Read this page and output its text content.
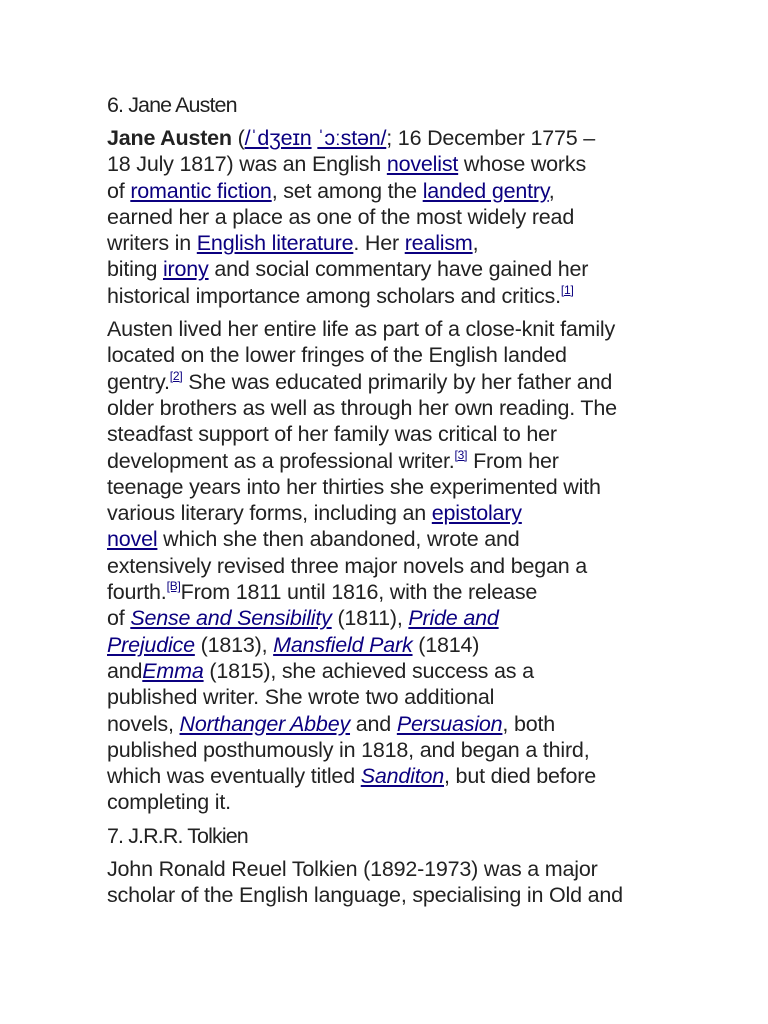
6. Jane Austen
Jane Austen (/ˈdʒeɪn ˈɔːstən/; 16 December 1775 –
18 July 1817) was an English novelist whose works
of romantic fiction, set among the landed gentry,
earned her a place as one of the most widely read
writers in English literature. Her realism,
biting irony and social commentary have gained her
historical importance among scholars and critics.[1]
Austen lived her entire life as part of a close-knit family
located on the lower fringes of the English landed
gentry.[2] She was educated primarily by her father and
older brothers as well as through her own reading. The
steadfast support of her family was critical to her
development as a professional writer.[3] From her
teenage years into her thirties she experimented with
various literary forms, including an epistolary
novel which she then abandoned, wrote and
extensively revised three major novels and began a
fourth.[B]From 1811 until 1816, with the release
of Sense and Sensibility (1811), Pride and
Prejudice (1813), Mansfield Park (1814)
andEmma (1815), she achieved success as a
published writer. She wrote two additional
novels, Northanger Abbey and Persuasion, both
published posthumously in 1818, and began a third,
which was eventually titled Sanditon, but died before
completing it.
7. J.R.R. Tolkien
John Ronald Reuel Tolkien (1892-1973) was a major
scholar of the English language, specialising in Old and
